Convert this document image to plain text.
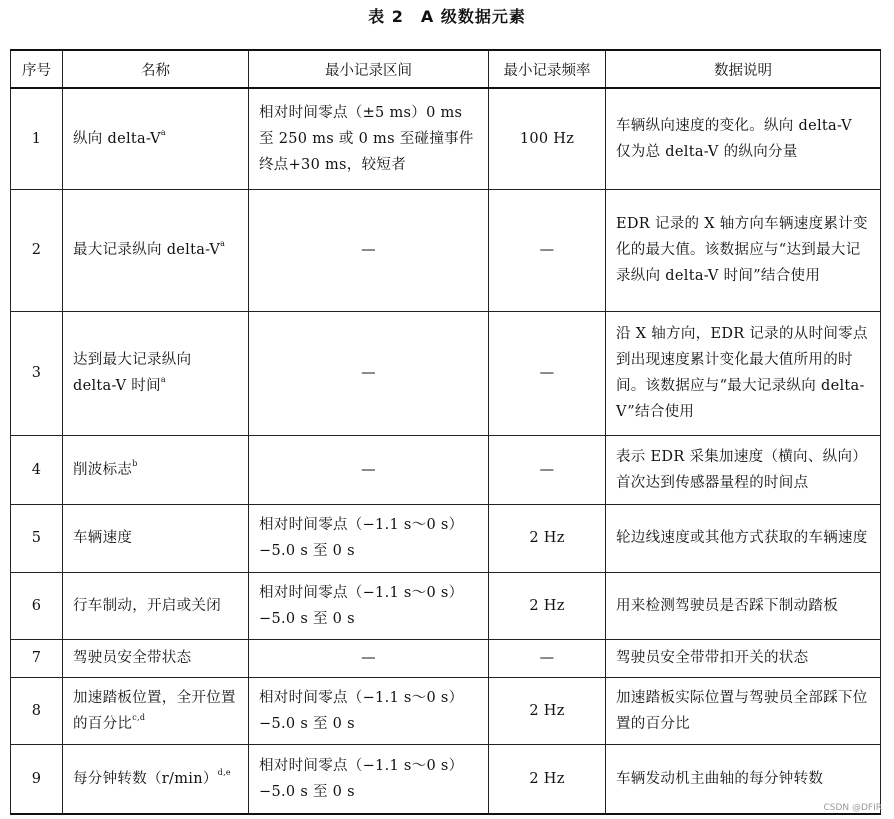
表 2　A 级数据元素
序号	名称	最小记录区间	最小记录频率	数据说明
1	纵向 delta-$V^a$	相对时间零点（±5 ms）0 ms 至 250 ms 或 0 ms 至碰撞事件终点+30 ms，较短者	100 Hz	车辆纵向速度的变化。纵向 delta-V 仅为总 delta-V 的纵向分量
2	最大记录纵向 delta-$V^a$	—	—	EDR 记录的 X 轴方向车辆速度累计变化的最大值。该数据应与“达到最大记录纵向 delta-V 时间”结合使用
3	达到最大记录纵向 delta-V 时间$^a$	—	—	沿 X 轴方向，EDR 记录的从时间零点到出现速度累计变化最大值所用的时间。该数据应与“最大记录纵向 delta-V”结合使用
4	削波标志$^b$	—	—	表示 EDR 采集加速度（横向、纵向）首次达到传感器量程的时间点
5	车辆速度	相对时间零点（−1.1 s～0 s）−5.0 s 至 0 s	2 Hz	轮边线速度或其他方式获取的车辆速度
6	行车制动，开启或关闭	相对时间零点（−1.1 s～0 s）−5.0 s 至 0 s	2 Hz	用来检测驾驶员是否踩下制动踏板
7	驾驶员安全带状态	—	—	驾驶员安全带带扣开关的状态
8	加速踏板位置，全开位置的百分比$^{c,d}$	相对时间零点（−1.1 s～0 s）−5.0 s 至 0 s	2 Hz	加速踏板实际位置与驾驶员全部踩下位置的百分比
9	每分钟转数$(r/\min)^{d,e}$	相对时间零点（−1.1 s～0 s）−5.0 s 至 0 s	2 Hz	车辆发动机主曲轴的每分钟转数
CSDN @DFIR
